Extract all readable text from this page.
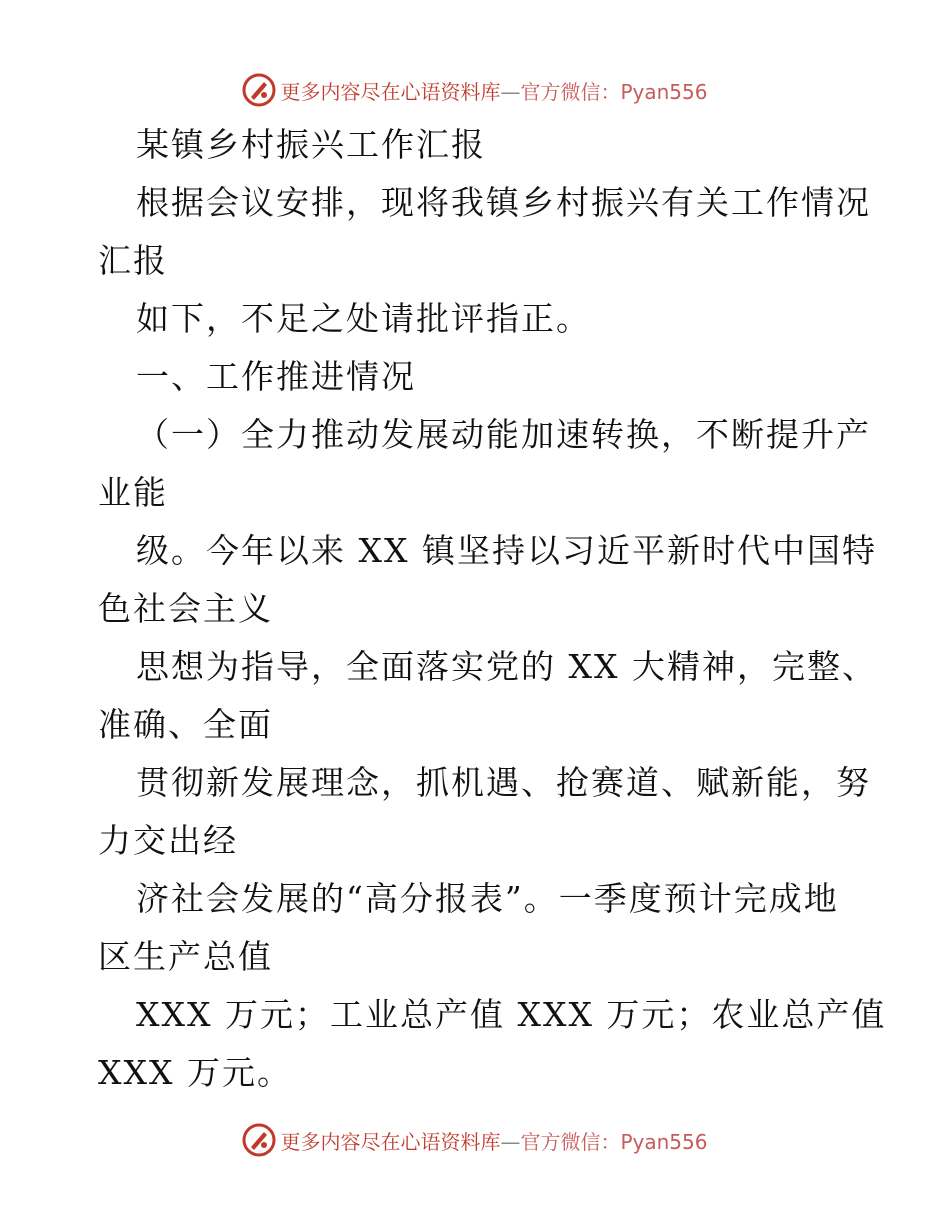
更多内容尽在心语资料库—官方微信：Pyan556
某镇乡村振兴工作汇报
根据会议安排，现将我镇乡村振兴有关工作情况
汇报
如下，不足之处请批评指正。
一、工作推进情况
（一）全力推动发展动能加速转换，不断提升产
业能
级。今年以来 XX 镇坚持以习近平新时代中国特
色社会主义
思想为指导，全面落实党的 XX 大精神，完整、
准确、全面
贯彻新发展理念，抓机遇、抢赛道、赋新能，努
力交出经
济社会发展的“高分报表”。一季度预计完成地
区生产总值
XXX 万元；工业总产值 XXX 万元；农业总产值
XXX 万元。
更多内容尽在心语资料库—官方微信：Pyan556
